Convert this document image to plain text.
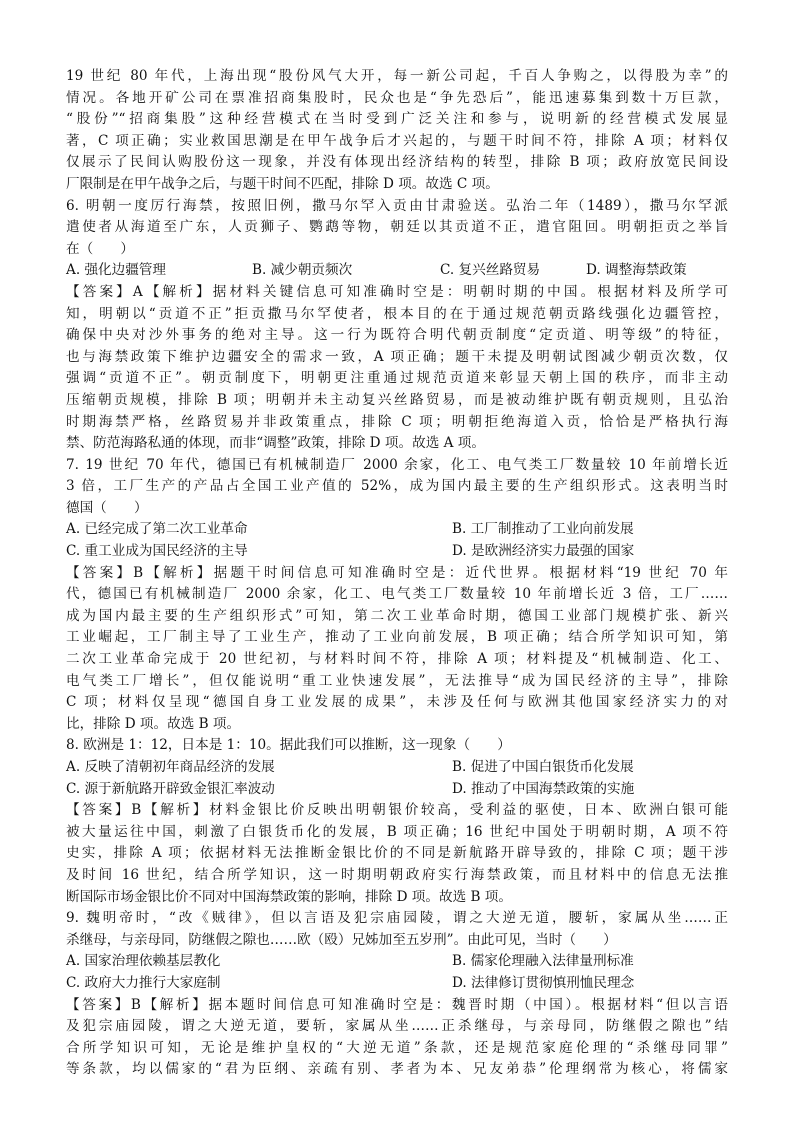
19 世纪 80 年代，上海出现“股份风气大开，每一新公司起，千百人争购之，以得股为幸”的
情况。各地开矿公司在票准招商集股时，民众也是“争先恐后”，能迅速募集到数十万巨款，
“股份”“招商集股”这种经营模式在当时受到广泛关注和参与，说明新的经营模式发展显
著，C 项正确；实业救国思潮是在甲午战争后才兴起的，与题干时间不符，排除 A 项；材料仅
仅展示了民间认购股份这一现象，并没有体现出经济结构的转型，排除 B 项；政府放宽民间设
厂限制是在甲午战争之后，与题干时间不匹配，排除 D 项。故选 C 项。
6. 明朝一度厉行海禁，按照旧例，撒马尔罕入贡由甘肃验送。弘治二年（1489），撒马尔罕派
遣使者从海道至广东，人贡狮子、鹦鹉等物，朝廷以其贡道不正，遣官阻回。明朝拒贡之举旨
在（　　）
A. 强化边疆管理	B. 减少朝贡频次	C. 复兴丝路贸易	D. 调整海禁政策
【答案】A【解析】据材料关键信息可知准确时空是：明朝时期的中国。根据材料及所学可
知，明朝以“贡道不正”拒贡撒马尔罕使者，根本目的在于通过规范朝贡路线强化边疆管控，
确保中央对沙外事务的绝对主导。这一行为既符合明代朝贡制度“定贡道、明等级”的特征，
也与海禁政策下维护边疆安全的需求一致，A 项正确；题干未提及明朝试图减少朝贡次数，仅
强调“贡道不正”。朝贡制度下，明朝更注重通过规范贡道来彰显天朝上国的秩序，而非主动
压缩朝贡规模，排除 B 项；明朝并未主动复兴丝路贸易，而是被动维护既有朝贡规则，且弘治
时期海禁严格，丝路贸易并非政策重点，排除 C 项；明朝拒绝海道入贡，恰恰是严格执行海
禁、防范海路私通的体现，而非“调整”政策，排除 D 项。故选 A 项。
7. 19 世纪 70 年代，德国已有机械制造厂 2000 余家，化工、电气类工厂数量较 10 年前增长近
3 倍，工厂生产的产品占全国工业产值的 52%，成为国内最主要的生产组织形式。这表明当时
德国（　　）
A. 已经完成了第二次工业革命	B. 工厂制推动了工业向前发展
C. 重工业成为国民经济的主导	D. 是欧洲经济实力最强的国家
【答案】B【解析】据题干时间信息可知准确时空是：近代世界。根据材料“19 世纪 70 年
代，德国已有机械制造厂 2000 余家，化工、电气类工厂数量较 10 年前增长近 3 倍，工厂……
成为国内最主要的生产组织形式”可知，第二次工业革命时期，德国工业部门规模扩张、新兴
工业崛起，工厂制主导了工业生产，推动了工业向前发展，B 项正确；结合所学知识可知，第
二次工业革命完成于 20 世纪初，与材料时间不符，排除 A 项；材料提及“机械制造、化工、
电气类工厂增长”，但仅能说明“重工业快速发展”，无法推导“成为国民经济的主导”，排除
C 项；材料仅呈现“德国自身工业发展的成果”，未涉及任何与欧洲其他国家经济实力的对
比，排除 D 项。故选 B 项。
8. 欧洲是 1：12，日本是 1：10。据此我们可以推断，这一现象（　　）
A. 反映了清朝初年商品经济的发展	B. 促进了中国白银货币化发展
C. 源于新航路开辟致金银汇率波动	D. 推动了中国海禁政策的实施
【答案】B【解析】材料金银比价反映出明朝银价较高，受利益的驱使，日本、欧洲白银可能
被大量运往中国，刺激了白银货币化的发展，B 项正确；16 世纪中国处于明朝时期，A 项不符
史实，排除 A 项；依据材料无法推断金银比价的不同是新航路开辟导致的，排除 C 项；题干涉
及时间 16 世纪，结合所学知识，这一时期明朝政府实行海禁政策，而且材料中的信息无法推
断国际市场金银比价不同对中国海禁政策的影响，排除 D 项。故选 B 项。
9. 魏明帝时，“改《贼律》，但以言语及犯宗庙园陵，谓之大逆无道，腰斩，家属从坐……正
杀继母，与亲母同，防继假之隙也……欧（殴）兄姊加至五岁刑”。由此可见，当时（　　）
A. 国家治理依赖基层教化	B. 儒家伦理融入法律量刑标准
C. 政府大力推行大家庭制	D. 法律修订贯彻慎刑恤民理念
【答案】B【解析】据本题时间信息可知准确时空是：魏晋时期（中国）。根据材料“但以言语
及犯宗庙园陵，谓之大逆无道，要斩，家属从坐……正杀继母，与亲母同，防继假之隙也”结
合所学知识可知，无论是维护皇权的“大逆无道”条款，还是规范家庭伦理的“杀继母同罪”
等条款，均以儒家的“君为臣纲、亲疏有别、孝者为本、兄友弟恭”伦理纲常为核心，将儒家
